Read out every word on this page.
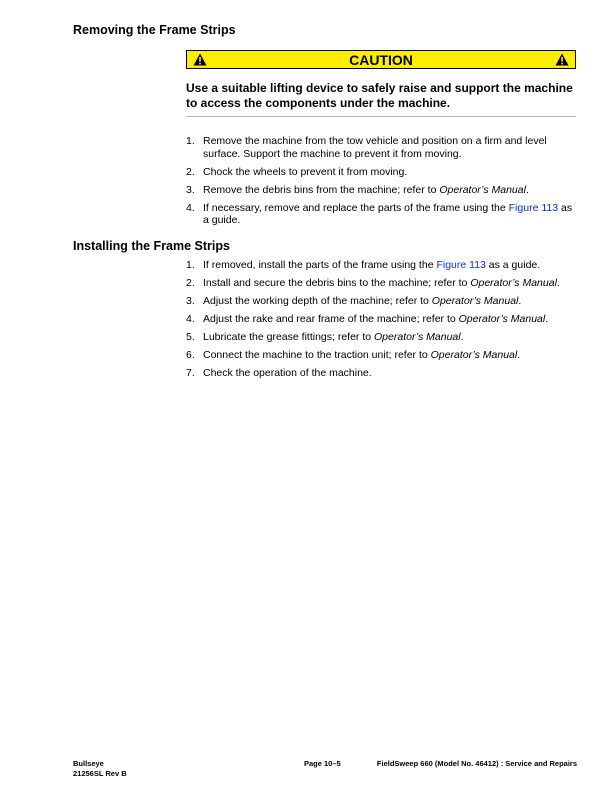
Removing the Frame Strips
CAUTION
Use a suitable lifting device to safely raise and support the machine to access the components under the machine.
1. Remove the machine from the tow vehicle and position on a firm and level surface. Support the machine to prevent it from moving.
2. Chock the wheels to prevent it from moving.
3. Remove the debris bins from the machine; refer to Operator’s Manual.
4. If necessary, remove and replace the parts of the frame using the Figure 113 as a guide.
Installing the Frame Strips
1. If removed, install the parts of the frame using the Figure 113 as a guide.
2. Install and secure the debris bins to the machine; refer to Operator’s Manual.
3. Adjust the working depth of the machine; refer to Operator’s Manual.
4. Adjust the rake and rear frame of the machine; refer to Operator’s Manual.
5. Lubricate the grease fittings; refer to Operator’s Manual.
6. Connect the machine to the traction unit; refer to Operator’s Manual.
7. Check the operation of the machine.
Bullseye
21256SL Rev B
Page 10–5	FieldSweep 660 (Model No. 46412) : Service and Repairs
